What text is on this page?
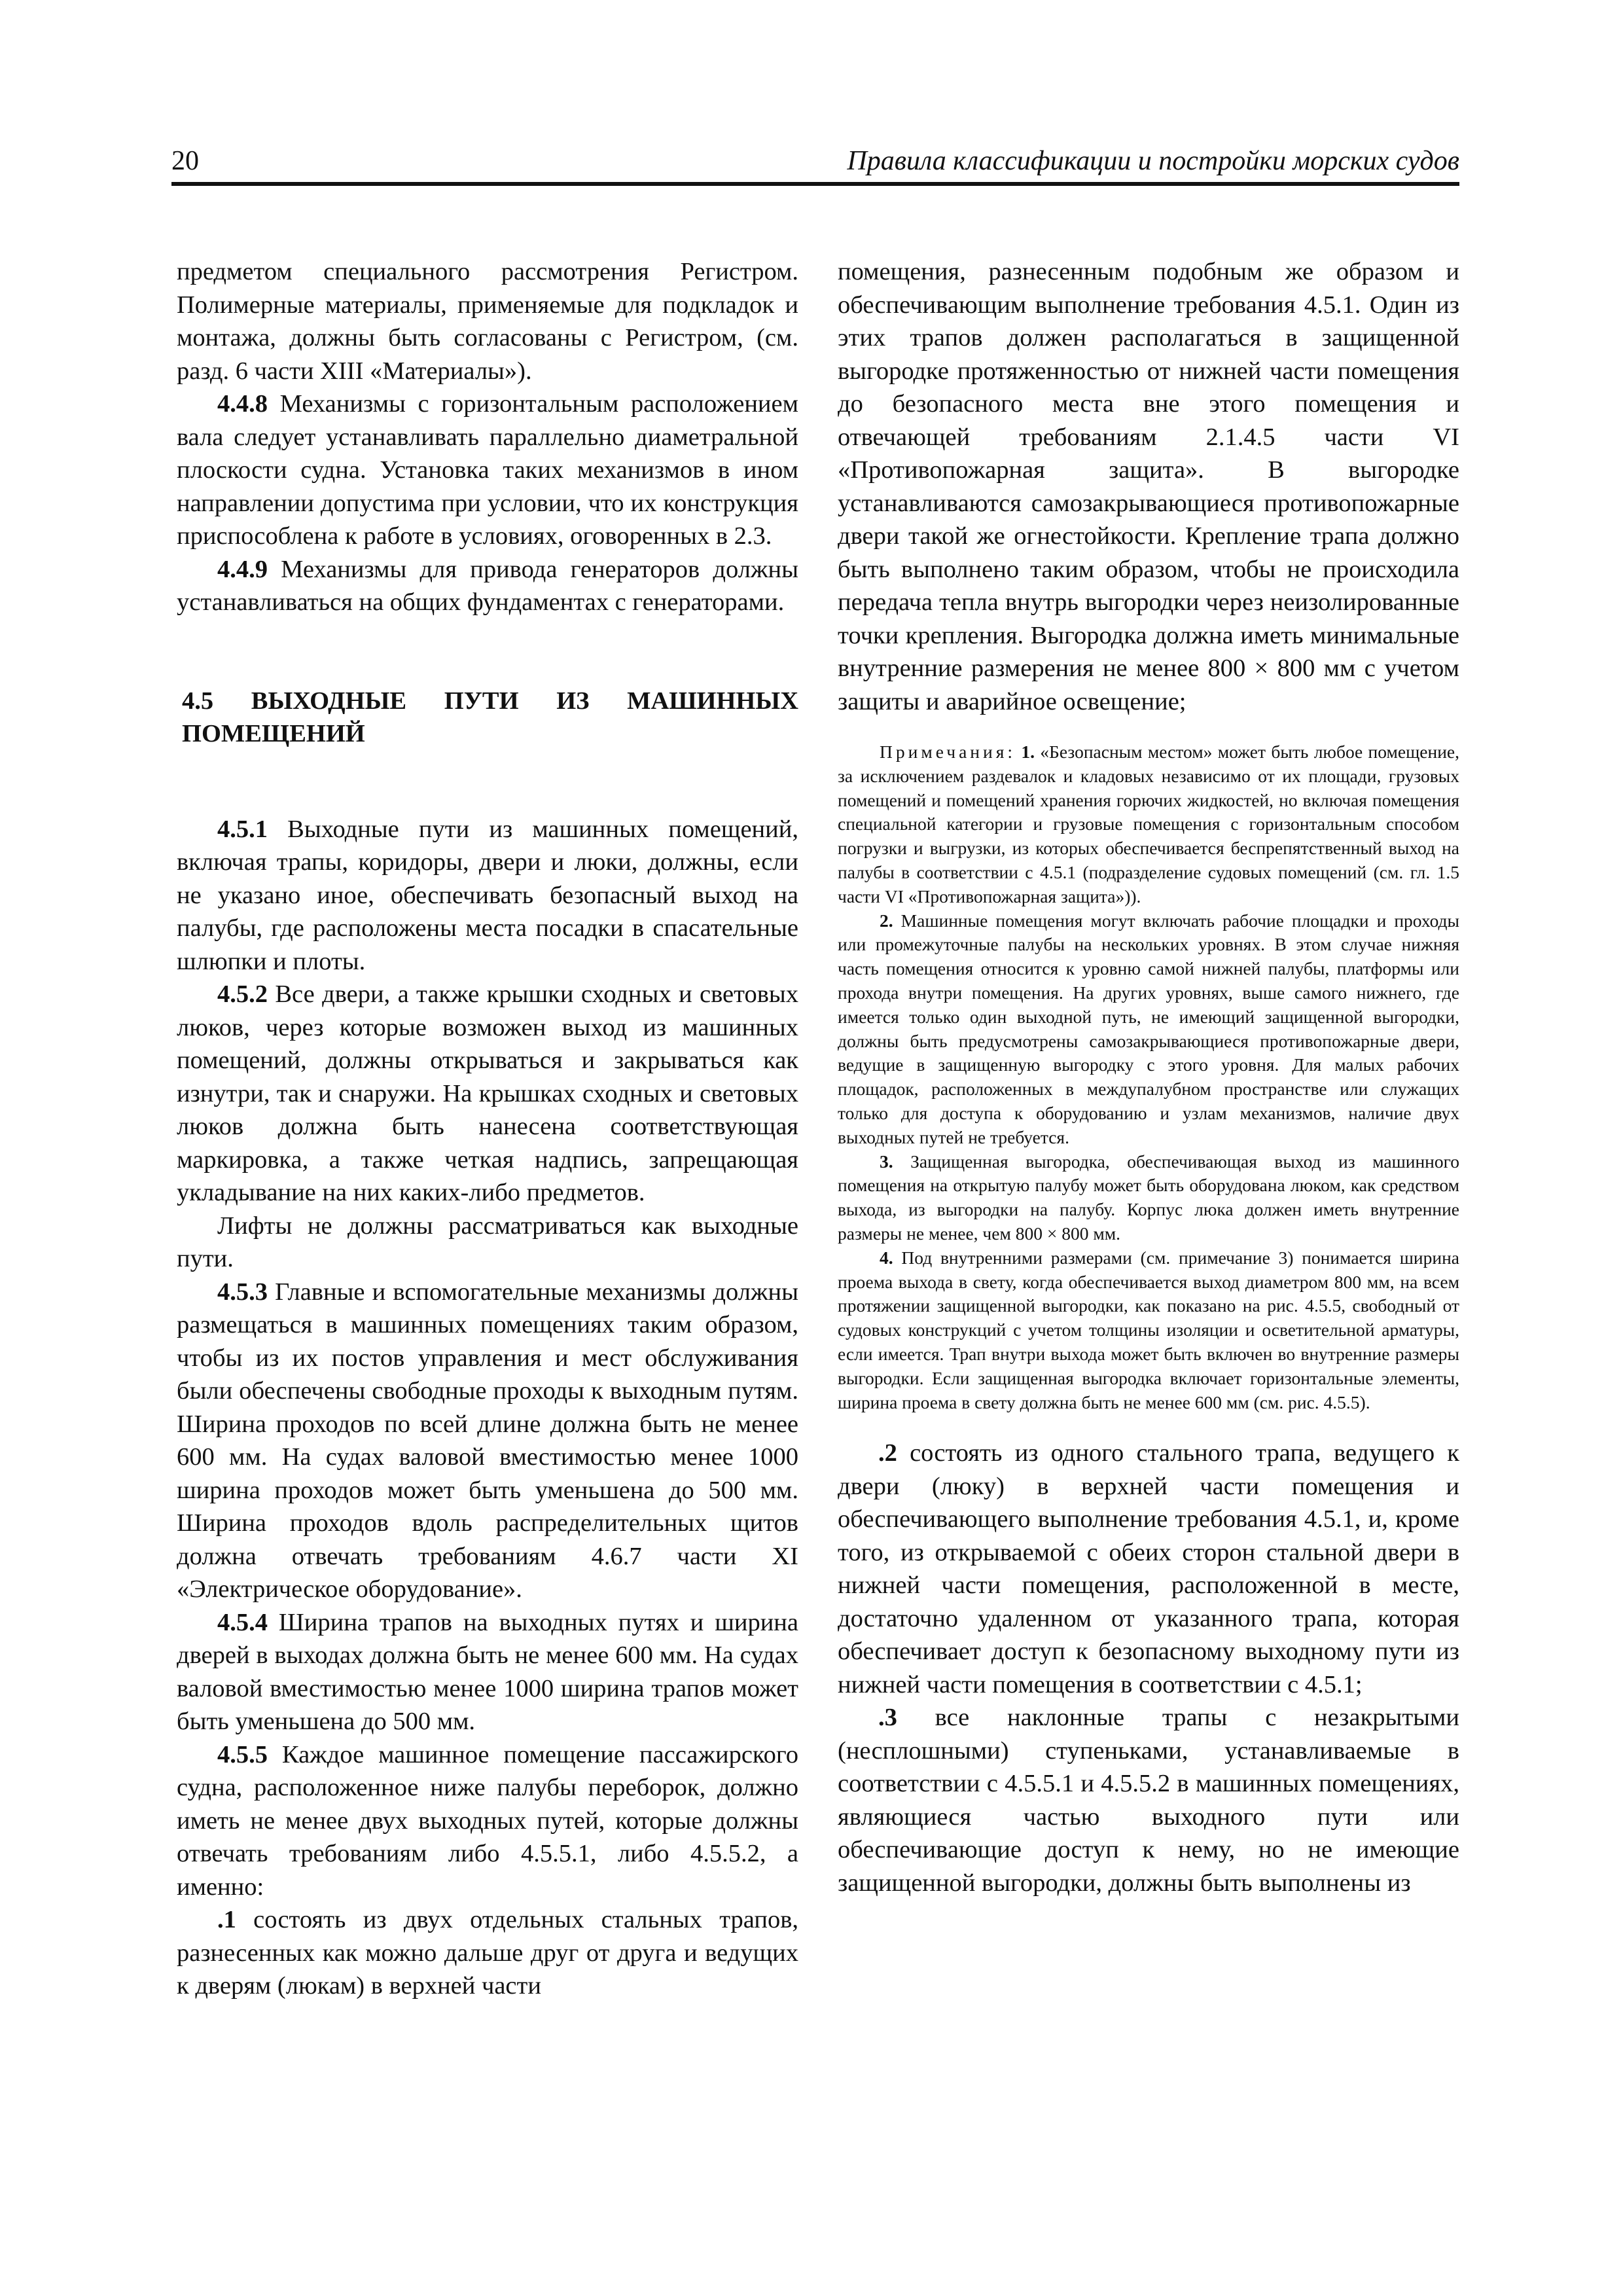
20	Правила классификации и постройки морских судов

предметом специального рассмотрения Регистром. Полимерные материалы, применяемые для подкладок и монтажа, должны быть согласованы с Регистром, (см. разд. 6 части XIII «Материалы»).

4.4.8 Механизмы с горизонтальным расположением вала следует устанавливать параллельно диаметральной плоскости судна. Установка таких механизмов в ином направлении допустима при условии, что их конструкция приспособлена к работе в условиях, оговоренных в 2.3.

4.4.9 Механизмы для привода генераторов должны устанавливаться на общих фундаментах с генераторами.

4.5 ВЫХОДНЫЕ ПУТИ ИЗ МАШИННЫХ ПОМЕЩЕНИЙ

4.5.1 Выходные пути из машинных помещений, включая трапы, коридоры, двери и люки, должны, если не указано иное, обеспечивать безопасный выход на палубы, где расположены места посадки в спасательные шлюпки и плоты.

4.5.2 Все двери, а также крышки сходных и световых люков, через которые возможен выход из машинных помещений, должны открываться и закрываться как изнутри, так и снаружи. На крышках сходных и световых люков должна быть нанесена соответствующая маркировка, а также четкая надпись, запрещающая укладывание на них каких-либо предметов.

Лифты не должны рассматриваться как выходные пути.

4.5.3 Главные и вспомогательные механизмы должны размещаться в машинных помещениях таким образом, чтобы из их постов управления и мест обслуживания были обеспечены свободные проходы к выходным путям. Ширина проходов по всей длине должна быть не менее 600 мм. На судах валовой вместимостью менее 1000 ширина проходов может быть уменьшена до 500 мм. Ширина проходов вдоль распределительных щитов должна отвечать требованиям 4.6.7 части XI «Электрическое оборудование».

4.5.4 Ширина трапов на выходных путях и ширина дверей в выходах должна быть не менее 600 мм. На судах валовой вместимостью менее 1000 ширина трапов может быть уменьшена до 500 мм.

4.5.5 Каждое машинное помещение пассажирского судна, расположенное ниже палубы переборок, должно иметь не менее двух выходных путей, которые должны отвечать требованиям либо 4.5.5.1, либо 4.5.5.2, а именно:

.1 состоять из двух отдельных стальных трапов, разнесенных как можно дальше друг от друга и ведущих к дверям (люкам) в верхней части

помещения, разнесенным подобным же образом и обеспечивающим выполнение требования 4.5.1. Один из этих трапов должен располагаться в защищенной выгородке протяженностью от нижней части помещения до безопасного места вне этого помещения и отвечающей требованиям 2.1.4.5 части VI «Противопожарная защита». В выгородке устанавливаются самозакрывающиеся противопожарные двери такой же огнестойкости. Крепление трапа должно быть выполнено таким образом, чтобы не происходила передача тепла внутрь выгородки через неизолированные точки крепления. Выгородка должна иметь минимальные внутренние размерения не менее 800 × 800 мм с учетом защиты и аварийное освещение;

Примечания: 1. «Безопасным местом» может быть любое помещение, за исключением раздевалок и кладовых независимо от их площади, грузовых помещений и помещений хранения горючих жидкостей, но включая помещения специальной категории и грузовые помещения с горизонтальным способом погрузки и выгрузки, из которых обеспечивается беспрепятственный выход на палубы в соответствии с 4.5.1 (подразделение судовых помещений (см. гл. 1.5 части VI «Противопожарная защита»)).

2. Машинные помещения могут включать рабочие площадки и проходы или промежуточные палубы на нескольких уровнях. В этом случае нижняя часть помещения относится к уровню самой нижней палубы, платформы или прохода внутри помещения. На других уровнях, выше самого нижнего, где имеется только один выходной путь, не имеющий защищенной выгородки, должны быть предусмотрены самозакрывающиеся противопожарные двери, ведущие в защищенную выгородку с этого уровня. Для малых рабочих площадок, расположенных в междупалубном пространстве или служащих только для доступа к оборудованию и узлам механизмов, наличие двух выходных путей не требуется.

3. Защищенная выгородка, обеспечивающая выход из машинного помещения на открытую палубу может быть оборудована люком, как средством выхода, из выгородки на палубу. Корпус люка должен иметь внутренние размеры не менее, чем 800 × 800 мм.

4. Под внутренними размерами (см. примечание 3) понимается ширина проема выхода в свету, когда обеспечивается выход диаметром 800 мм, на всем протяжении защищенной выгородки, как показано на рис. 4.5.5, свободный от судовых конструкций с учетом толщины изоляции и осветительной арматуры, если имеется. Трап внутри выхода может быть включен во внутренние размеры выгородки. Если защищенная выгородка включает горизонтальные элементы, ширина проема в свету должна быть не менее 600 мм (см. рис. 4.5.5).

.2 состоять из одного стального трапа, ведущего к двери (люку) в верхней части помещения и обеспечивающего выполнение требования 4.5.1, и, кроме того, из открываемой с обеих сторон стальной двери в нижней части помещения, расположенной в месте, достаточно удаленном от указанного трапа, которая обеспечивает доступ к безопасному выходному пути из нижней части помещения в соответствии с 4.5.1;

.3 все наклонные трапы с незакрытыми (несплошными) ступеньками, устанавливаемые в соответствии с 4.5.5.1 и 4.5.5.2 в машинных помещениях, являющиеся частью выходного пути или обеспечивающие доступ к нему, но не имеющие защищенной выгородки, должны быть выполнены из
